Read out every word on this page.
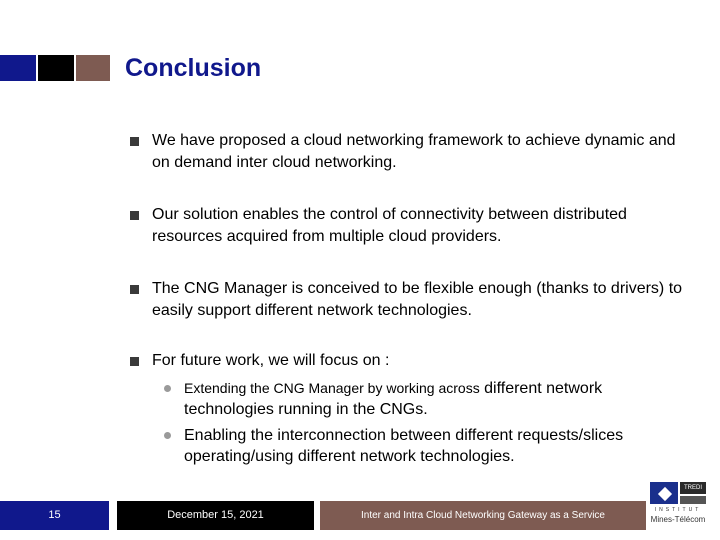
Conclusion
We have proposed a cloud networking framework to achieve dynamic and on demand inter cloud networking.
Our solution enables the control of connectivity between distributed resources acquired from multiple cloud providers.
The CNG Manager is conceived to be flexible enough (thanks to drivers) to easily support different network technologies.
For future work, we will focus on :
Extending the CNG Manager by working across different network technologies running in the CNGs.
Enabling the interconnection between different requests/slices operating/using different network technologies.
15	December 15, 2021	Inter and Intra Cloud Networking Gateway as a Service
TREDI
INSTITUT
Mines-Télécom
